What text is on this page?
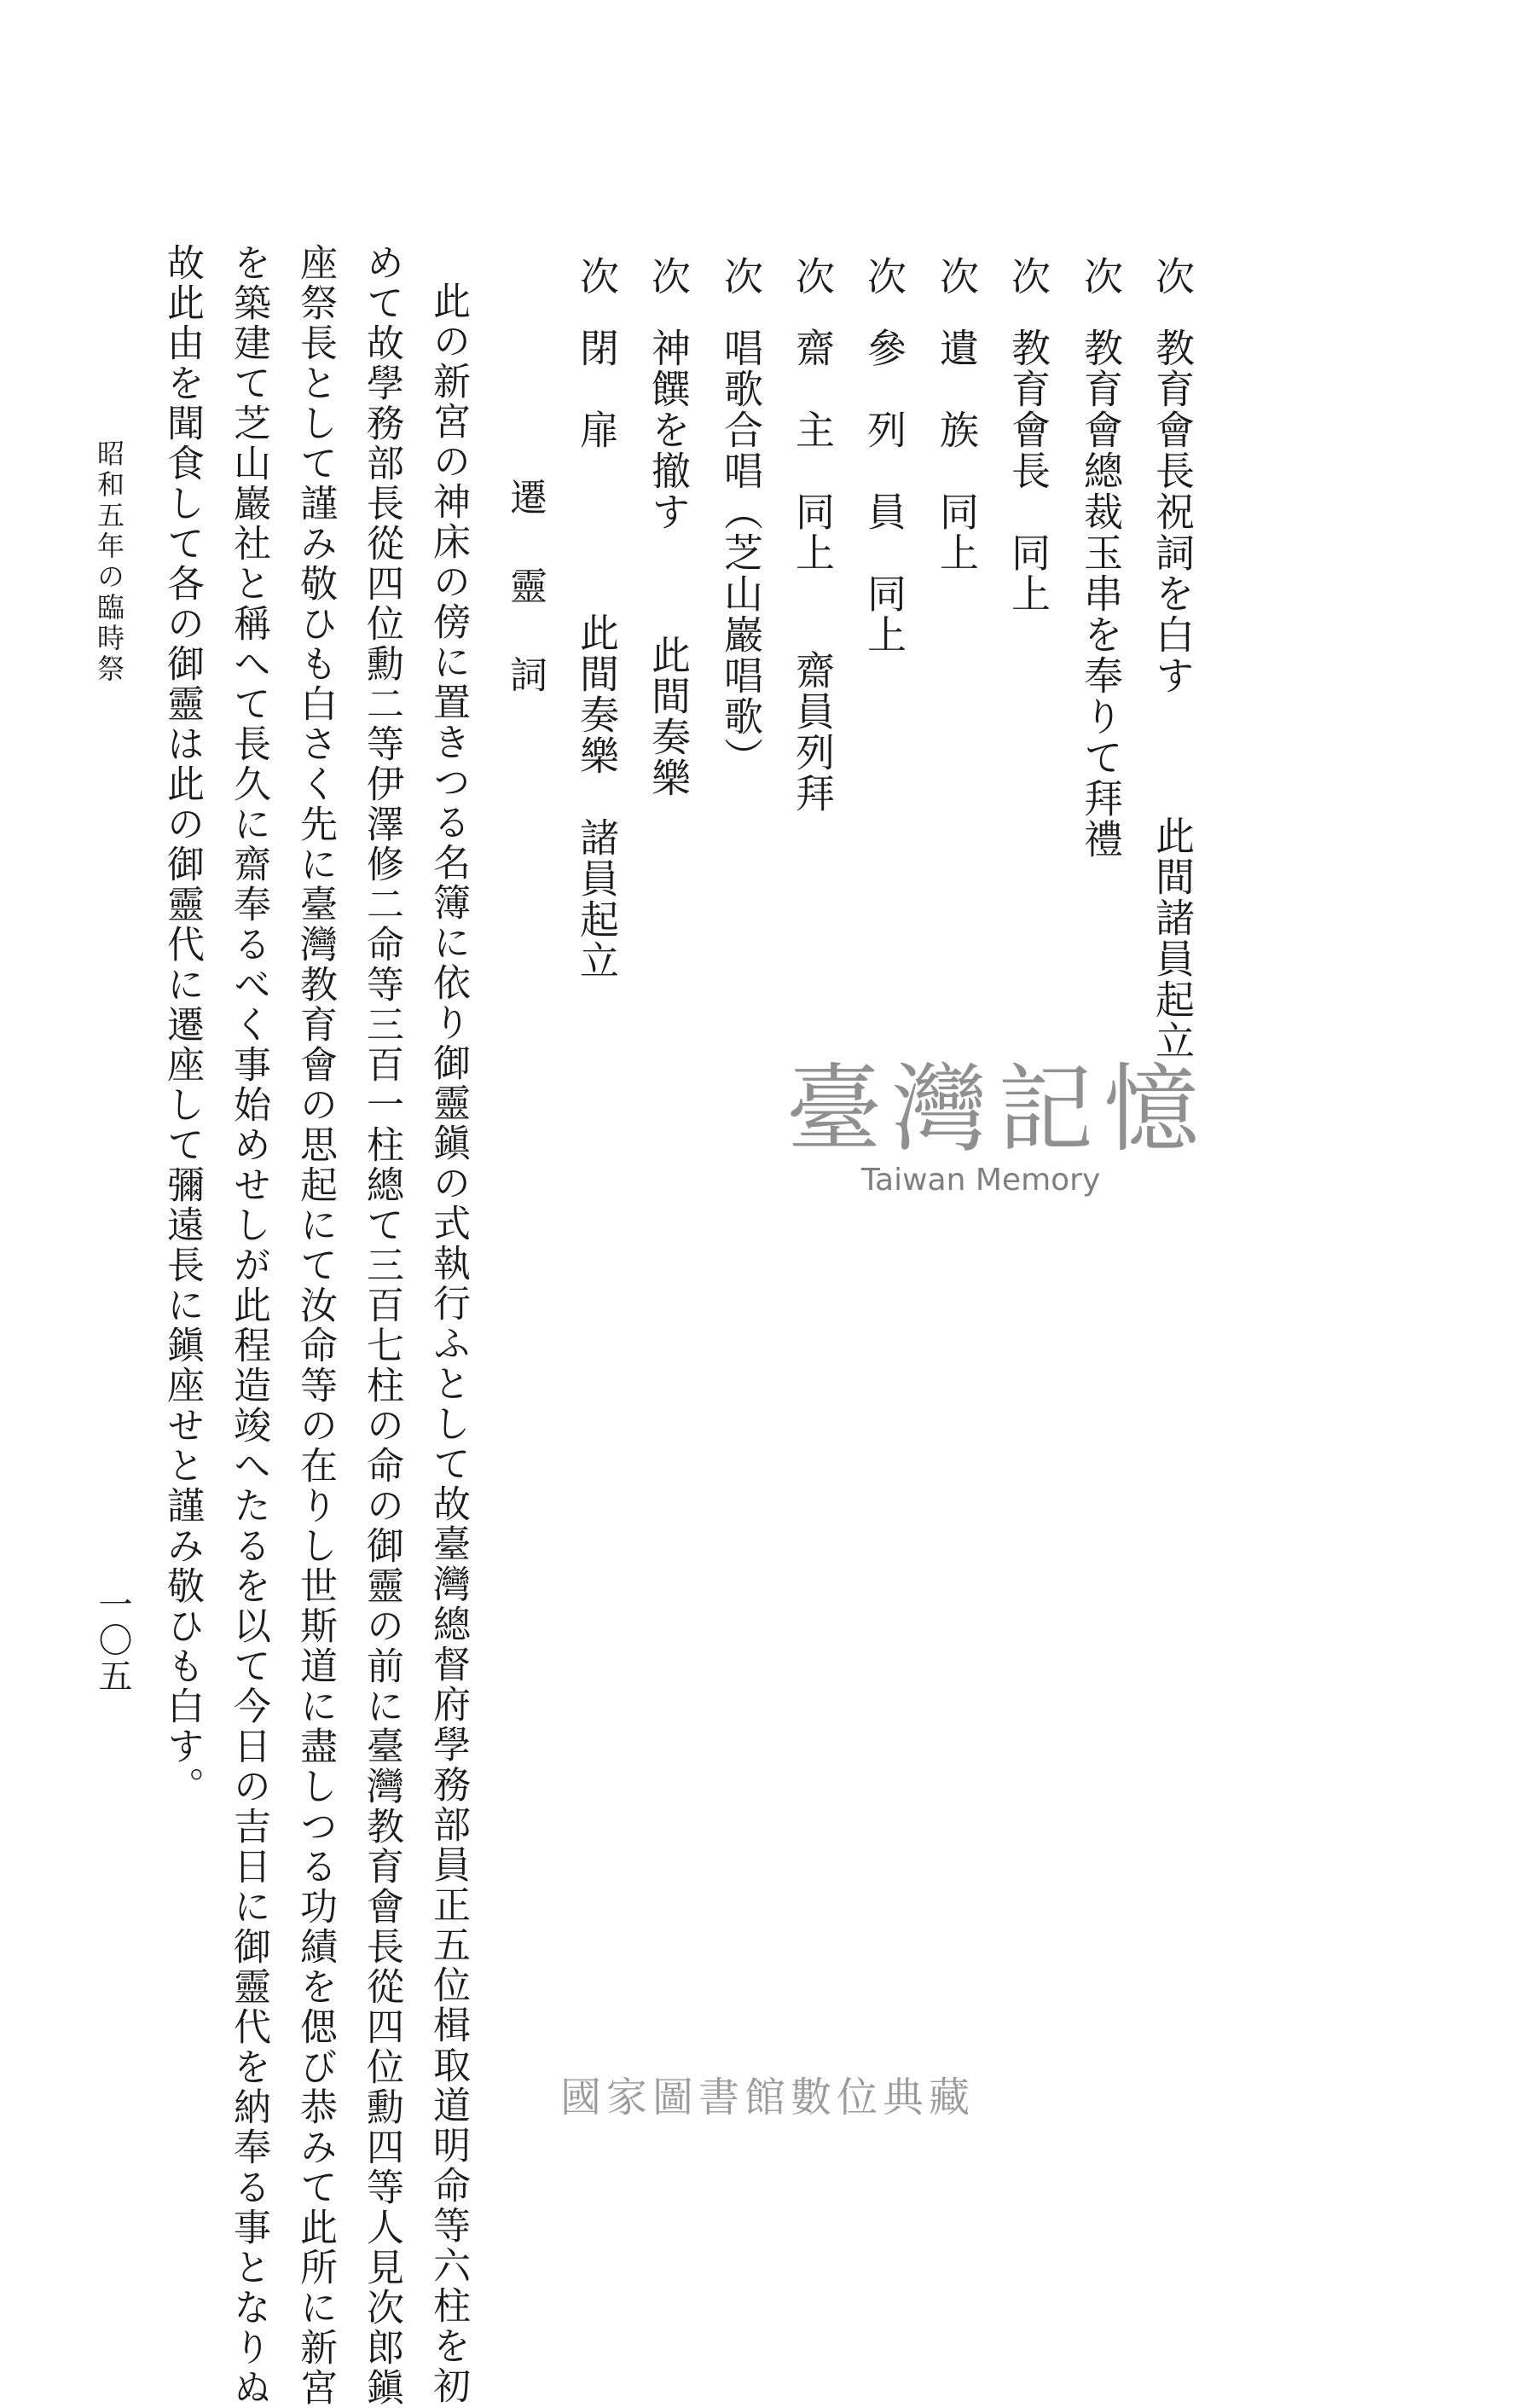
次教育會長祝詞を白す此間諸員起立
次教育會總裁玉串を奉りて拜禮
次教育會長　同上
次遺　族　同上
次參　列　員　同上
次齋　主　同上齋員列拜
次唱歌合唱（芝山巖唱歌）
次神饌を撤す此間奏樂
次閉　扉此間奏樂　諸員起立
遷靈詞
此の新宮の神床の傍に置きつる名簿に依り御靈鎭の式執行ふとして故臺灣總督府學務部員正五位楫取道明命等六柱を初
めて故學務部長從四位勳二等伊澤修二命等三百一柱總て三百七柱の命の御靈の前に臺灣教育會長從四位勳四等人見次郎鎭
座祭長として謹み敬ひも白さく先に臺灣教育會の思起にて汝命等の在りし世斯道に盡しつる功績を偲び恭みて此所に新宮
を築建て芝山巖社と稱へて長久に齋奉るべく事始めせしが此程造竣へたるを以て今日の吉日に御靈代を納奉る事となりぬ
故此由を聞食して各の御靈は此の御靈代に遷座して彌遠長に鎭座せと謹み敬ひも白す。
昭和五年の臨時祭
一〇五
臺灣記憶
Taiwan Memory
國家圖書館數位典藏
